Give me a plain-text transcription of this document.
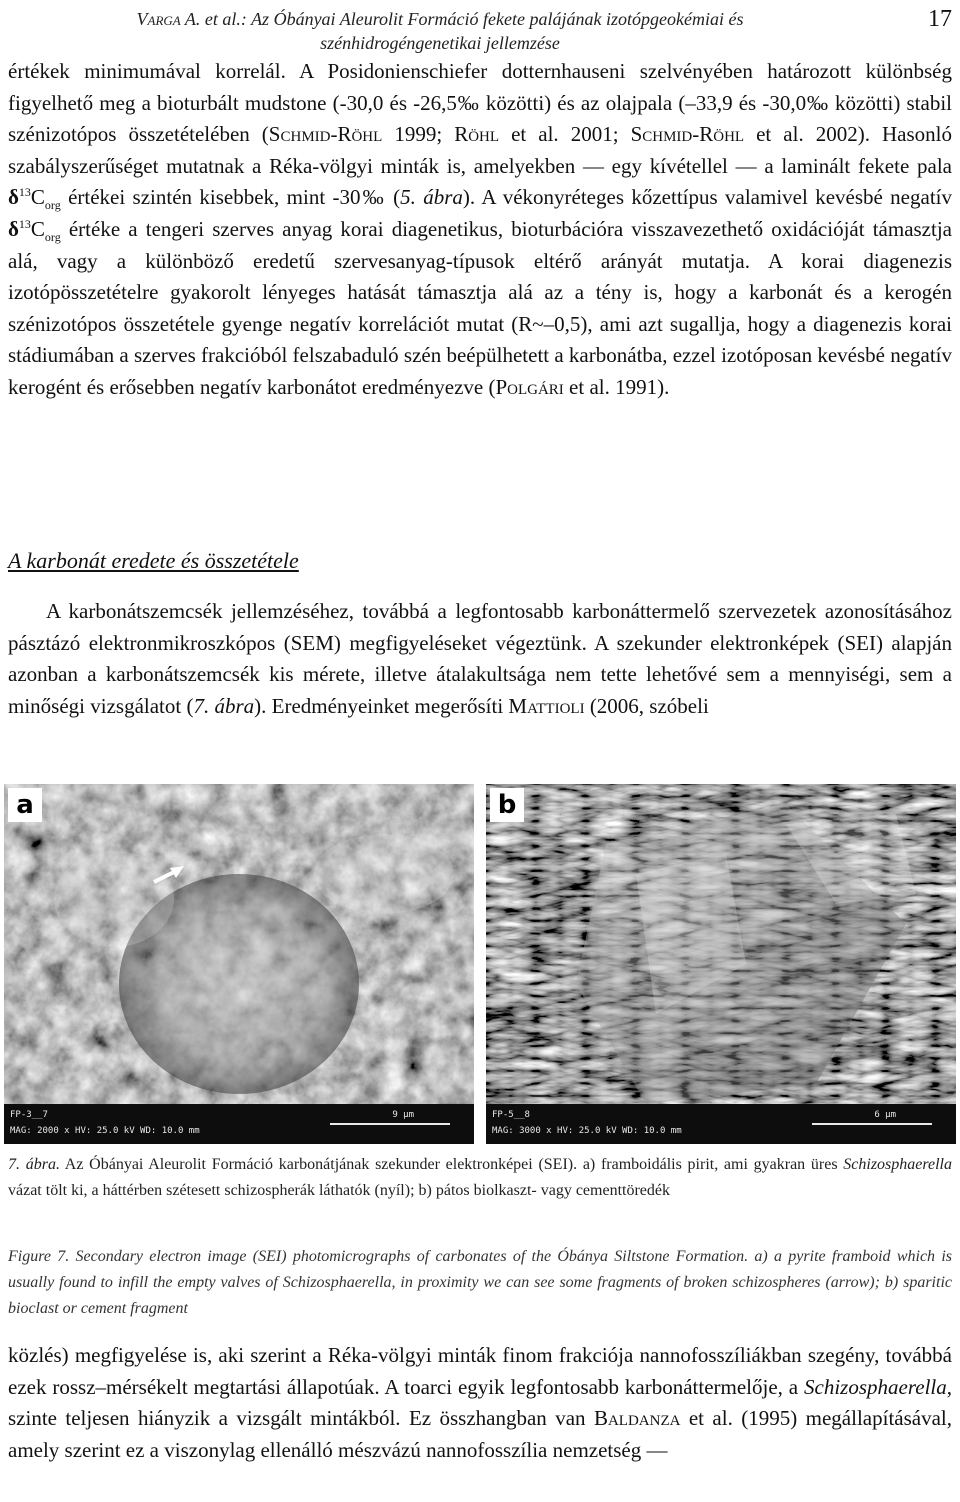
Varga A. et al.: Az Óbányai Aleurolit Formáció fekete palájának izotópgeokémiai és
szénhidrogéngenetikai jellemzése
17

értékek minimumával korrelál. A Posidonienschiefer dotternhauseni szelvényében határozott különbség figyelhető meg a bioturbált mudstone (-30,0 és -26,5‰ közötti) és az olajpala (–33,9 és -30,0‰ közötti) stabil szénizotópos összetételében (Schmid-Röhl 1999; Röhl et al. 2001; Schmid-Röhl et al. 2002). Hasonló szabályszerűséget mutatnak a Réka-völgyi minták is, amelyekben — egy kívétellel — a laminált fekete pala $\delta^{13}C_{org}$ értékei szintén kisebbek, mint -30‰ (5. ábra). A vékonyréteges kőzettípus valamivel kevésbé negatív $\delta^{13}C_{org}$ értéke a tengeri szerves anyag korai diagenetikus, bioturbációra visszavezethető oxidációját támasztja alá, vagy a különböző eredetű szervesanyag-típusok eltérő arányát mutatja. A korai diagenezis izotópösszetételre gyakorolt lényeges hatását támasztja alá az a tény is, hogy a karbonát és a kerogén szénizotópos összetétele gyenge negatív korrelációt mutat (R~–0,5), ami azt sugallja, hogy a diagenezis korai stádiumában a szerves frakcióból felszabaduló szén beépülhetett a karbonátba, ezzel izotóposan kevésbé negatív kerogént és erősebben negatív karbonátot eredményezve (Polgári et al. 1991).

A karbonát eredete és összetétele

A karbonátszemcsék jellemzéséhez, továbbá a legfontosabb karbonáttermelő szervezetek azonosításához pásztázó elektronmikroszkópos (SEM) megfigyeléseket végeztünk. A szekunder elektronképek (SEI) alapján azonban a karbonátszemcsék kis mérete, illetve átalakultsága nem tette lehetővé sem a mennyiségi, sem a minőségi vizsgálatot (7. ábra). Eredményeinket megerősíti Mattioli (2006, szóbeli

a
FP-3__7
MAG: 2000 x HV: 25.0 kV WD: 10.0 mm
9 μm
b
FP-5__8
MAG: 3000 x HV: 25.0 kV WD: 10.0 mm
6 μm

7. ábra. Az Óbányai Aleurolit Formáció karbonátjának szekunder elektronképei (SEI). a) framboidális pirit, ami gyakran üres Schizosphaerella vázat tölt ki, a háttérben szétesett schizospherák láthatók (nyíl); b) pátos biolkaszt- vagy cementtöredék

Figure 7. Secondary electron image (SEI) photomicrographs of carbonates of the Óbánya Siltstone Formation. a) a pyrite framboid which is usually found to infill the empty valves of Schizosphaerella, in proximity we can see some fragments of broken schizospheres (arrow); b) sparitic bioclast or cement fragment

közlés) megfigyelése is, aki szerint a Réka-völgyi minták finom frakciója nannofosszíliákban szegény, továbbá ezek rossz–mérsékelt megtartási állapotúak. A toarci egyik legfontosabb karbonáttermelője, a Schizosphaerella, szinte teljesen hiányzik a vizsgált mintákból. Ez összhangban van Baldanza et al. (1995) megállapításával, amely szerint ez a viszonylag ellenálló mészvázú nannofosszília nemzetség —
